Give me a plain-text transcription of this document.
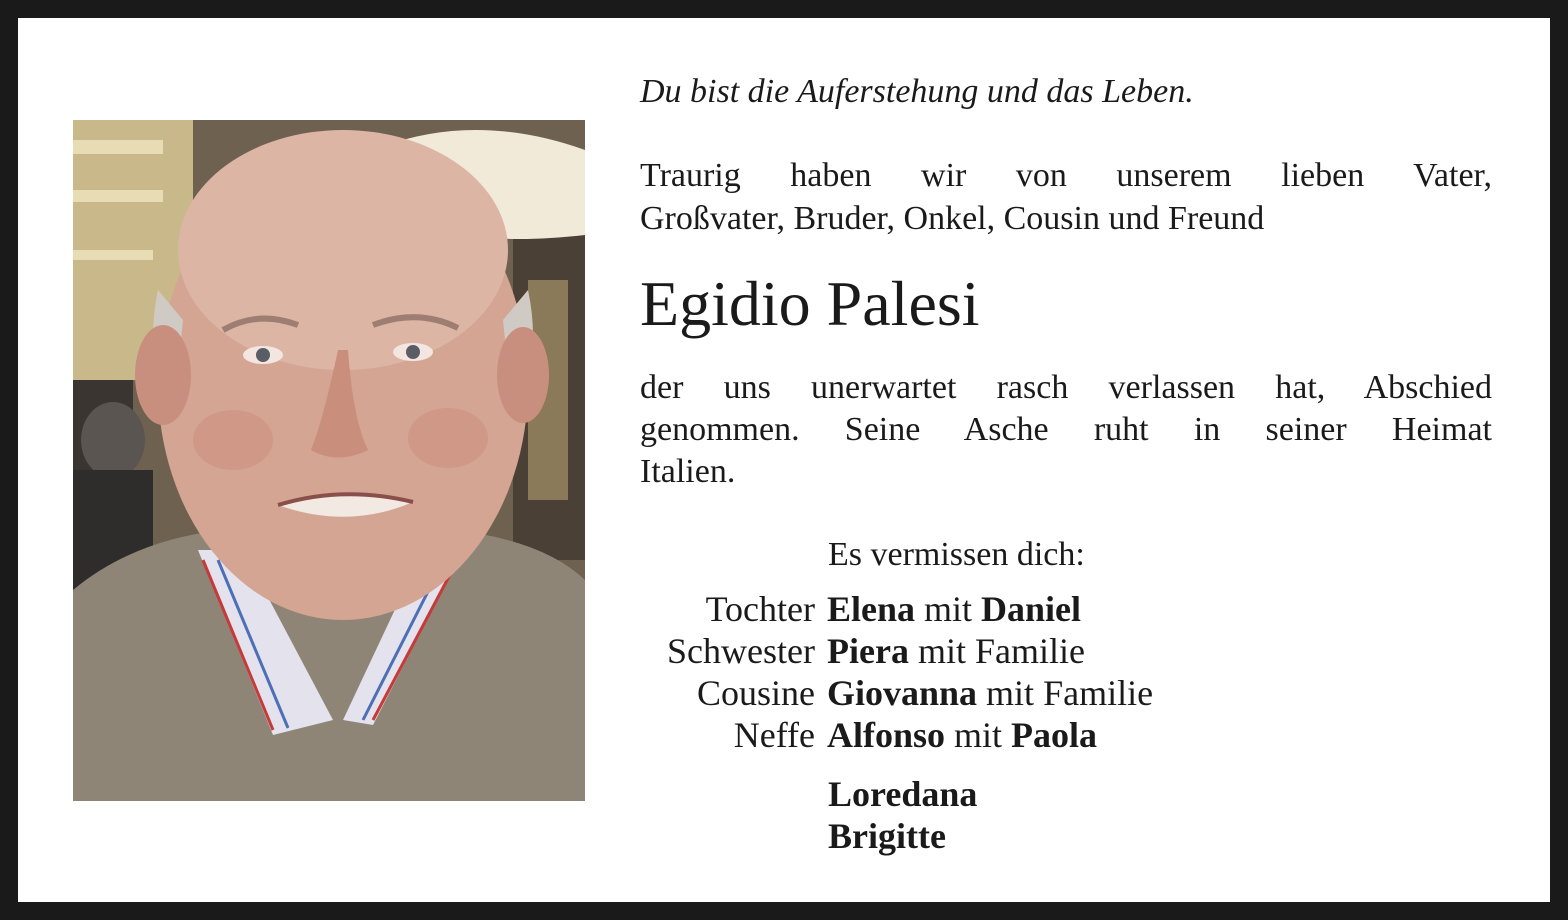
Du bist die Auferstehung und das Leben.
Traurig haben wir von unserem lieben Vater,
Großvater, Bruder, Onkel, Cousin und Freund
Egidio Palesi
der uns unerwartet rasch verlassen hat, Abschied
genommen. Seine Asche ruht in seiner Heimat
Italien.
Es vermissen dich:
Tochter Elena mit Daniel
Schwester Piera mit Familie
Cousine Giovanna mit Familie
Neffe Alfonso mit Paola
Loredana
Brigitte
